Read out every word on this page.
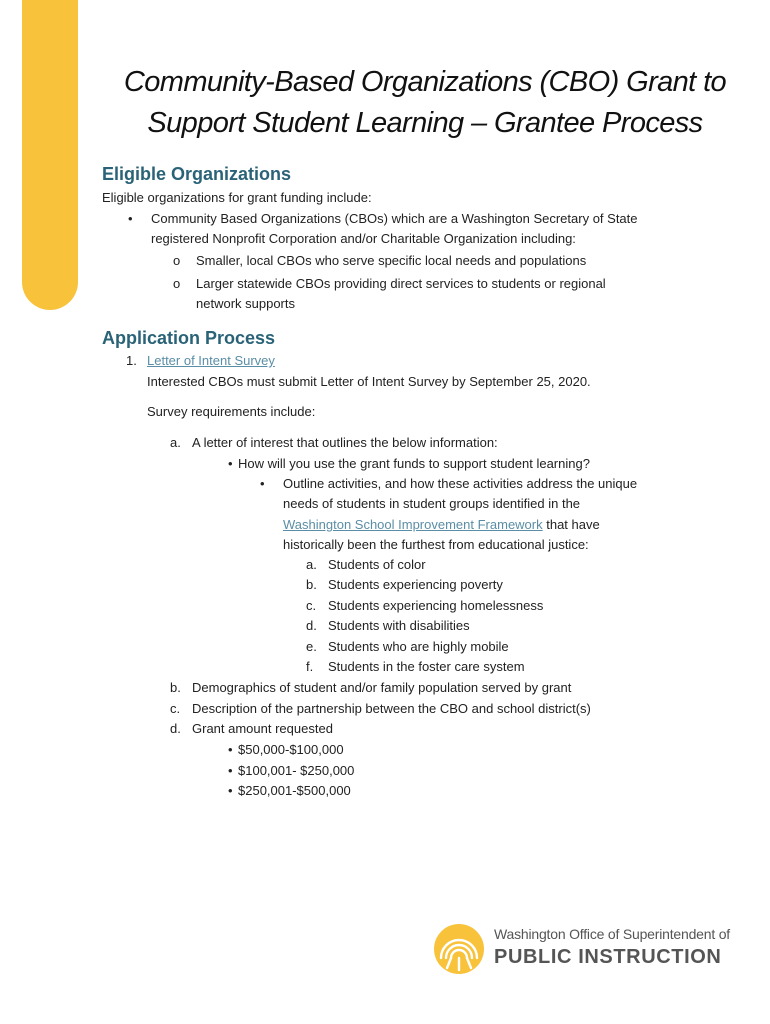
Community-Based Organizations (CBO) Grant to
Support Student Learning – Grantee Process
Eligible Organizations
Eligible organizations for grant funding include:
• Community Based Organizations (CBOs) which are a Washington Secretary of State
registered Nonprofit Corporation and/or Charitable Organization including:
o Smaller, local CBOs who serve specific local needs and populations
o Larger statewide CBOs providing direct services to students or regional
network supports
Application Process
1. Letter of Intent Survey
Interested CBOs must submit Letter of Intent Survey by September 25, 2020.
Survey requirements include:
a. A letter of interest that outlines the below information:
• How will you use the grant funds to support student learning?
• Outline activities, and how these activities address the unique
needs of students in student groups identified in the
Washington School Improvement Framework that have
historically been the furthest from educational justice:
a. Students of color
b. Students experiencing poverty
c. Students experiencing homelessness
d. Students with disabilities
e. Students who are highly mobile
f. Students in the foster care system
b. Demographics of student and/or family population served by grant
c. Description of the partnership between the CBO and school district(s)
d. Grant amount requested
• $50,000-$100,000
• $100,001- $250,000
• $250,001-$500,000
Washington Office of Superintendent of
PUBLIC INSTRUCTION
